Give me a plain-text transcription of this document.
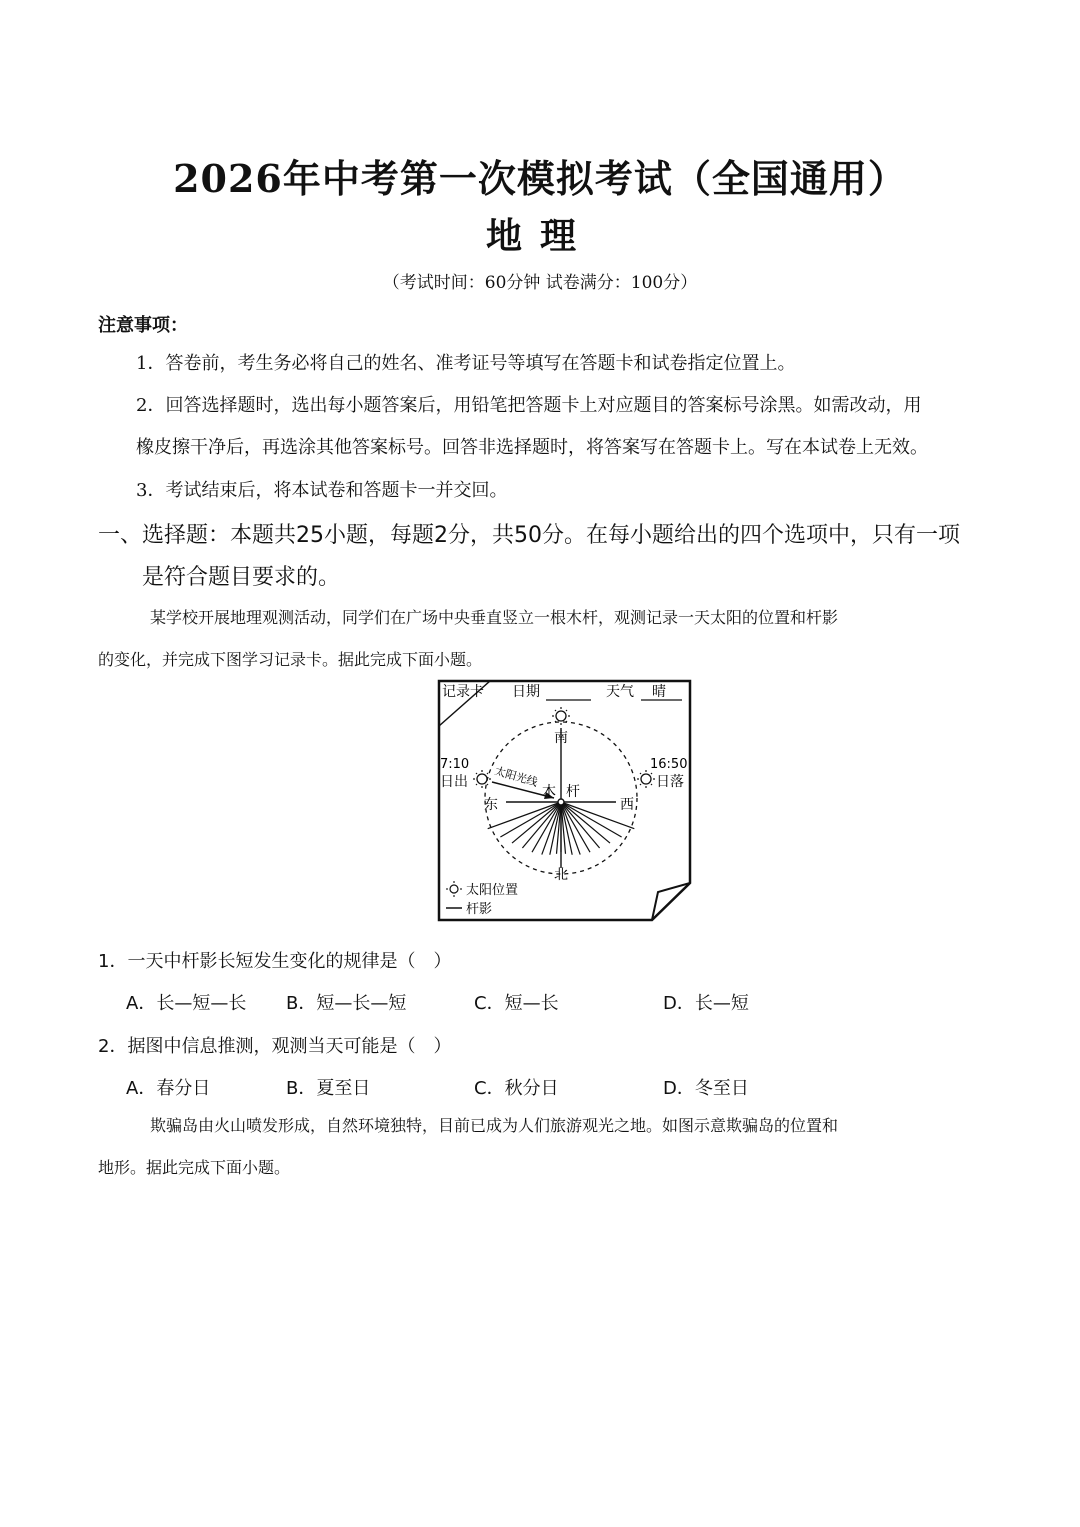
2026年中考第一次模拟考试（全国通用）
地理
（考试时间：60分钟 试卷满分：100分）
注意事项：
1．答卷前，考生务必将自己的姓名、准考证号等填写在答题卡和试卷指定位置上。
2．回答选择题时，选出每小题答案后，用铅笔把答题卡上对应题目的答案标号涂黑。如需改动，用
橡皮擦干净后，再选涂其他答案标号。回答非选择题时，将答案写在答题卡上。写在本试卷上无效。
3．考试结束后，将本试卷和答题卡一并交回。
一、选择题：本题共25小题，每题2分，共50分。在每小题给出的四个选项中，只有一项
是符合题目要求的。
某学校开展地理观测活动，同学们在广场中央垂直竖立一根木杆，观测记录一天太阳的位置和杆影
的变化，并完成下图学习记录卡。据此完成下面小题。
记录卡 日期	天气 晴
南
北
东	西
木 杆
太阳光线
7:10
日出
16:50
日落
太阳位置
杆影
1．一天中杆影长短发生变化的规律是（　）
A．长—短—长 B．短—长—短	C．短—长	D．长—短
2．据图中信息推测，观测当天可能是（　）
A．春分日	B．夏至日	C．秋分日	D．冬至日
欺骗岛由火山喷发形成，自然环境独特，目前已成为人们旅游观光之地。如图示意欺骗岛的位置和
地形。据此完成下面小题。
